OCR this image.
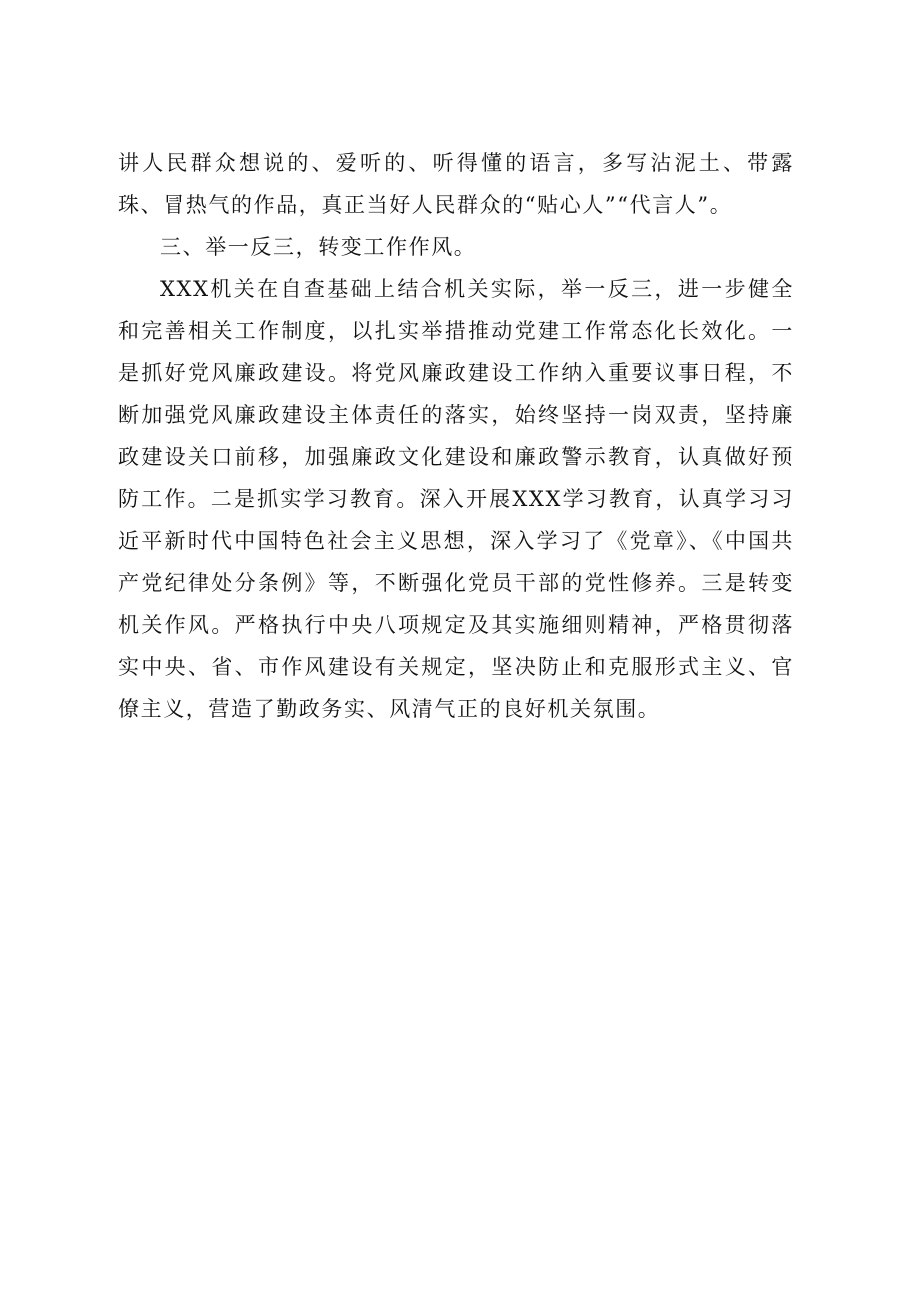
讲人民群众想说的、爱听的、听得懂的语言，多写沾泥土、带露珠、冒热气的作品，真正当好人民群众的“贴心人”“代言人”。

三、举一反三，转变工作作风。

XXX机关在自查基础上结合机关实际，举一反三，进一步健全和完善相关工作制度，以扎实举措推动党建工作常态化长效化。一是抓好党风廉政建设。将党风廉政建设工作纳入重要议事日程，不断加强党风廉政建设主体责任的落实，始终坚持一岗双责，坚持廉政建设关口前移，加强廉政文化建设和廉政警示教育，认真做好预防工作。二是抓实学习教育。深入开展XXX学习教育，认真学习习近平新时代中国特色社会主义思想，深入学习了《党章》、《中国共产党纪律处分条例》等，不断强化党员干部的党性修养。三是转变机关作风。严格执行中央八项规定及其实施细则精神，严格贯彻落实中央、省、市作风建设有关规定，坚决防止和克服形式主义、官僚主义，营造了勤政务实、风清气正的良好机关氛围。
